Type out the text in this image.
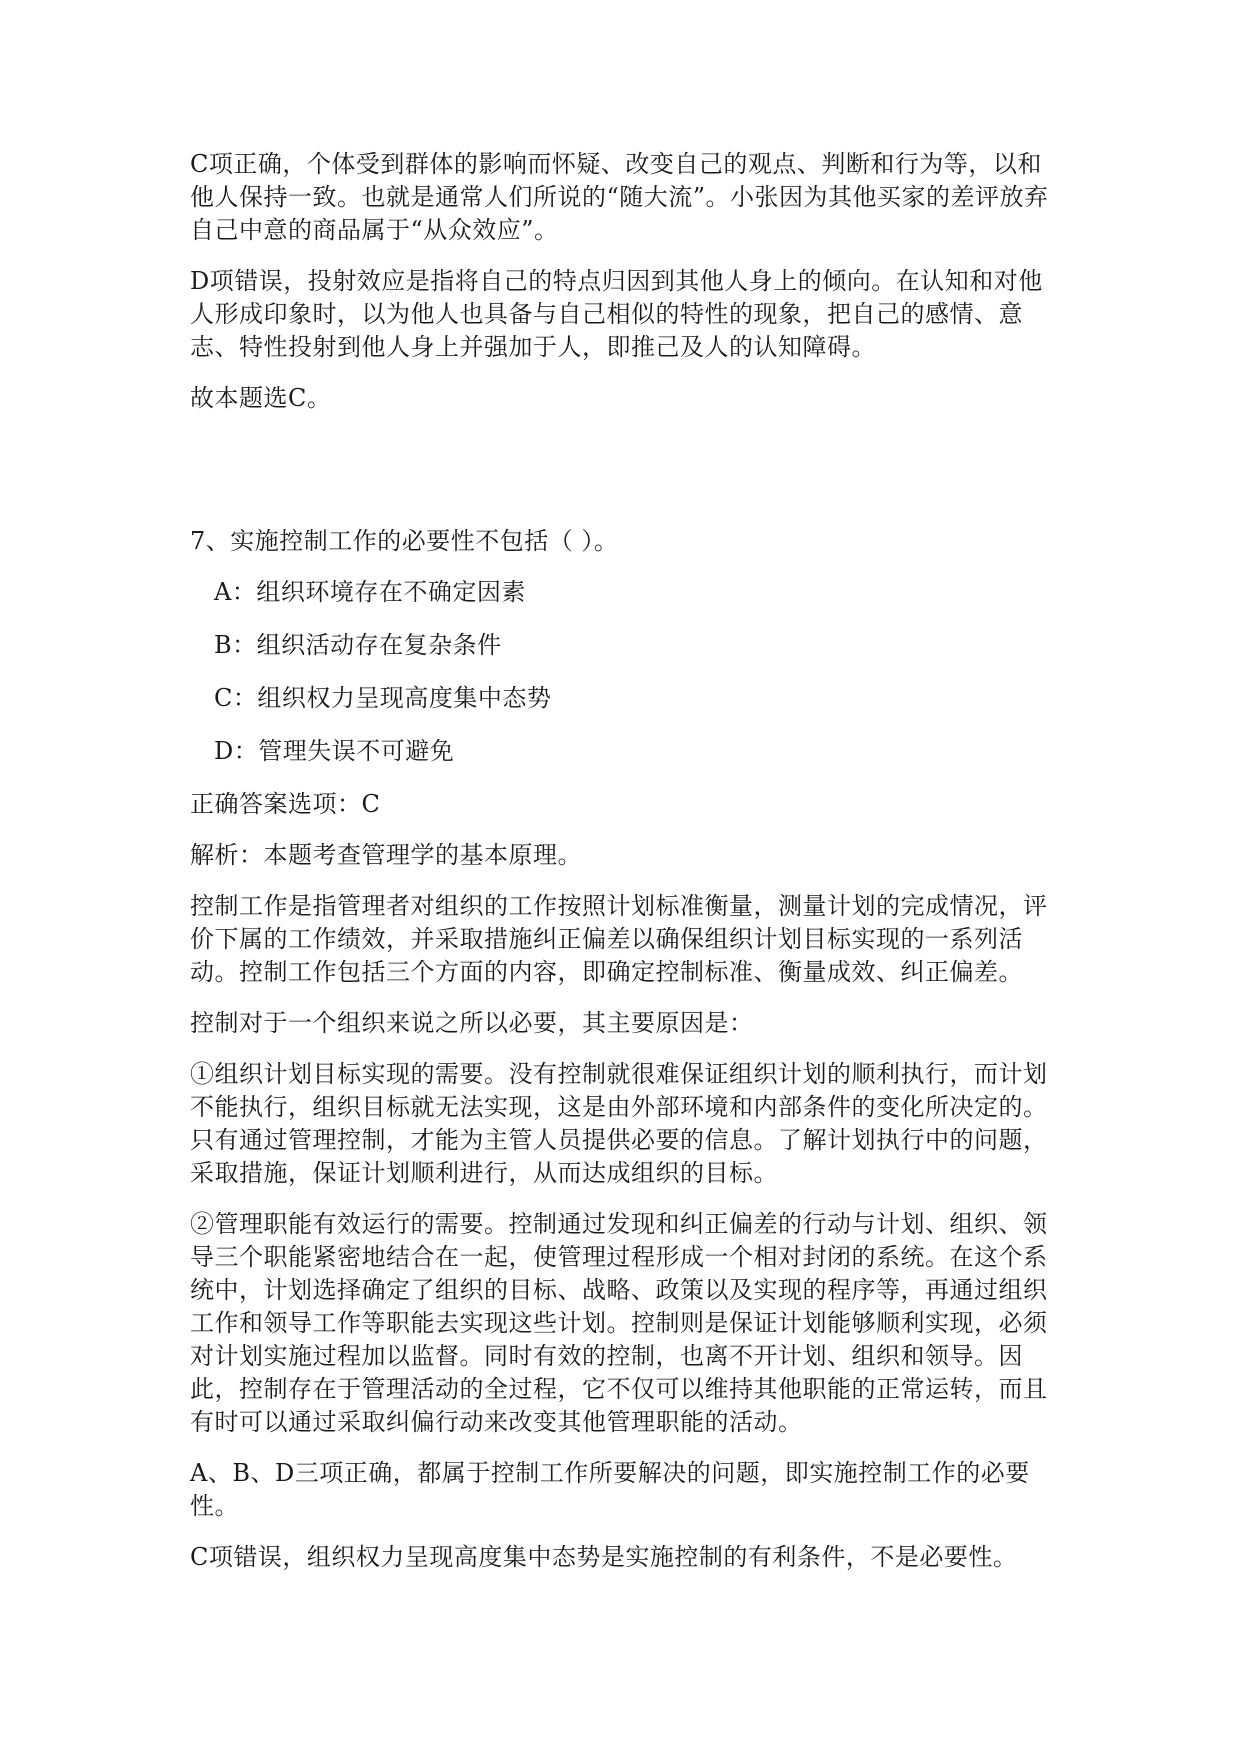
C项正确，个体受到群体的影响而怀疑、改变自己的观点、判断和行为等，以和他人保持一致。也就是通常人们所说的“随大流”。小张因为其他买家的差评放弃自己中意的商品属于“从众效应”。

D项错误，投射效应是指将自己的特点归因到其他人身上的倾向。在认知和对他人形成印象时，以为他人也具备与自己相似的特性的现象，把自己的感情、意志、特性投射到他人身上并强加于人，即推己及人的认知障碍。

故本题选C。

7、实施控制工作的必要性不包括（ ）。

A：组织环境存在不确定因素

B：组织活动存在复杂条件

C：组织权力呈现高度集中态势

D：管理失误不可避免

正确答案选项：C

解析：本题考查管理学的基本原理。

控制工作是指管理者对组织的工作按照计划标准衡量，测量计划的完成情况，评价下属的工作绩效，并采取措施纠正偏差以确保组织计划目标实现的一系列活动。控制工作包括三个方面的内容，即确定控制标准、衡量成效、纠正偏差。

控制对于一个组织来说之所以必要，其主要原因是：

①组织计划目标实现的需要。没有控制就很难保证组织计划的顺利执行，而计划不能执行，组织目标就无法实现，这是由外部环境和内部条件的变化所决定的。只有通过管理控制，才能为主管人员提供必要的信息。了解计划执行中的问题，采取措施，保证计划顺利进行，从而达成组织的目标。

②管理职能有效运行的需要。控制通过发现和纠正偏差的行动与计划、组织、领导三个职能紧密地结合在一起，使管理过程形成一个相对封闭的系统。在这个系统中，计划选择确定了组织的目标、战略、政策以及实现的程序等，再通过组织工作和领导工作等职能去实现这些计划。控制则是保证计划能够顺利实现，必须对计划实施过程加以监督。同时有效的控制，也离不开计划、组织和领导。因此，控制存在于管理活动的全过程，它不仅可以维持其他职能的正常运转，而且有时可以通过采取纠偏行动来改变其他管理职能的活动。

A、B、D三项正确，都属于控制工作所要解决的问题，即实施控制工作的必要性。

C项错误，组织权力呈现高度集中态势是实施控制的有利条件，不是必要性。
